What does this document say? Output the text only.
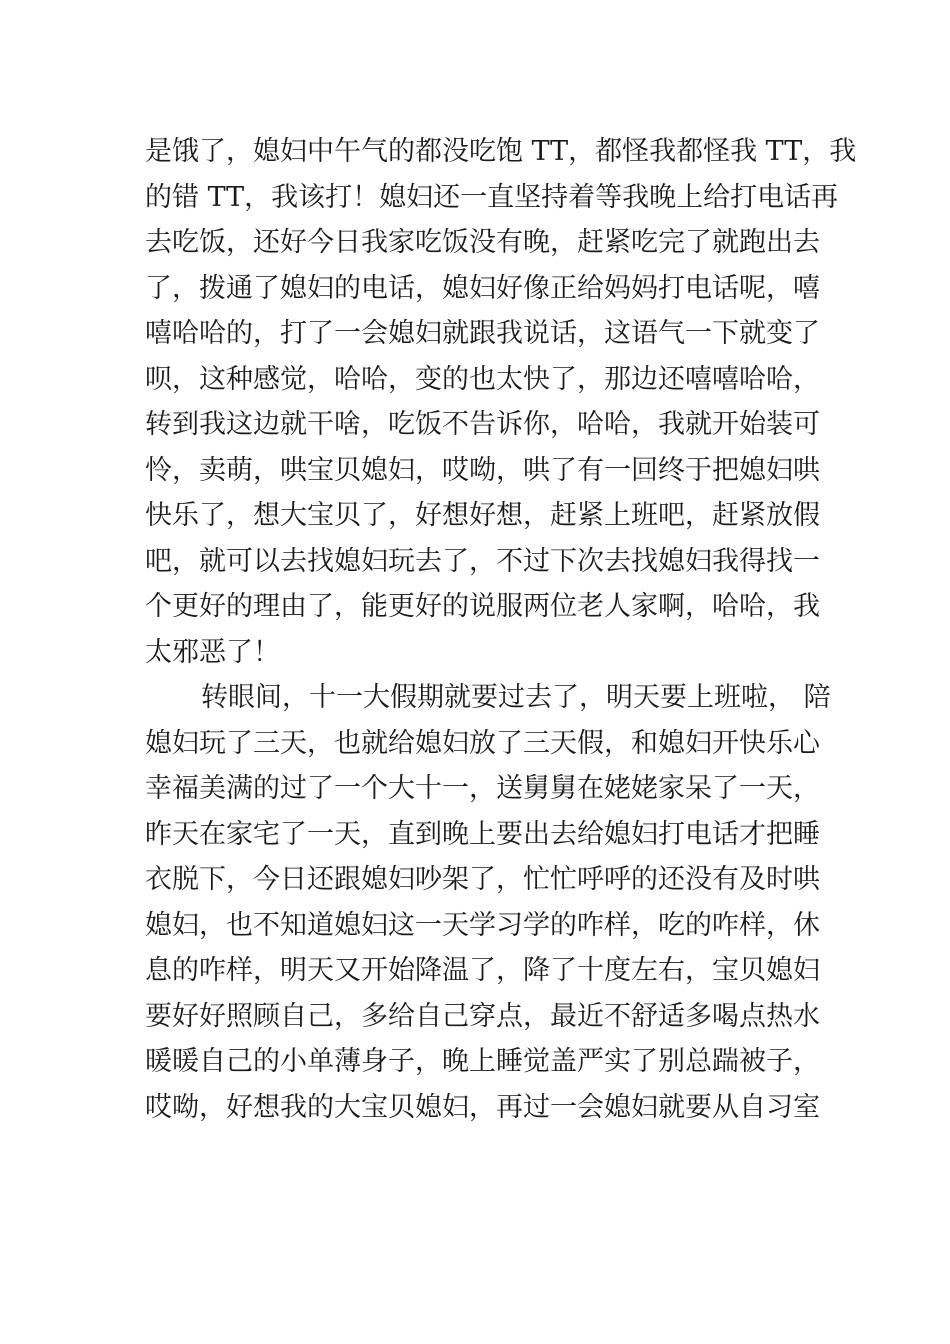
是饿了，媳妇中午气的都没吃饱 TT，都怪我都怪我 TT，我
的错 TT，我该打！媳妇还一直坚持着等我晚上给打电话再
去吃饭，还好今日我家吃饭没有晚，赶紧吃完了就跑出去
了，拨通了媳妇的电话，媳妇好像正给妈妈打电话呢，嘻
嘻哈哈的，打了一会媳妇就跟我说话，这语气一下就变了
呗，这种感觉，哈哈，变的也太快了，那边还嘻嘻哈哈，
转到我这边就干啥，吃饭不告诉你，哈哈，我就开始装可
怜，卖萌，哄宝贝媳妇，哎呦，哄了有一回终于把媳妇哄
快乐了，想大宝贝了，好想好想，赶紧上班吧，赶紧放假
吧，就可以去找媳妇玩去了，不过下次去找媳妇我得找一
个更好的理由了，能更好的说服两位老人家啊，哈哈，我
太邪恶了！
转眼间，十一大假期就要过去了，明天要上班啦， 陪
媳妇玩了三天，也就给媳妇放了三天假，和媳妇开快乐心
幸福美满的过了一个大十一，送舅舅在姥姥家呆了一天，
昨天在家宅了一天，直到晚上要出去给媳妇打电话才把睡
衣脱下，今日还跟媳妇吵架了，忙忙呼呼的还没有及时哄
媳妇，也不知道媳妇这一天学习学的咋样，吃的咋样，休
息的咋样，明天又开始降温了，降了十度左右，宝贝媳妇
要好好照顾自己，多给自己穿点，最近不舒适多喝点热水
暖暖自己的小单薄身子，晚上睡觉盖严实了别总踹被子，
哎呦，好想我的大宝贝媳妇，再过一会媳妇就要从自习室
